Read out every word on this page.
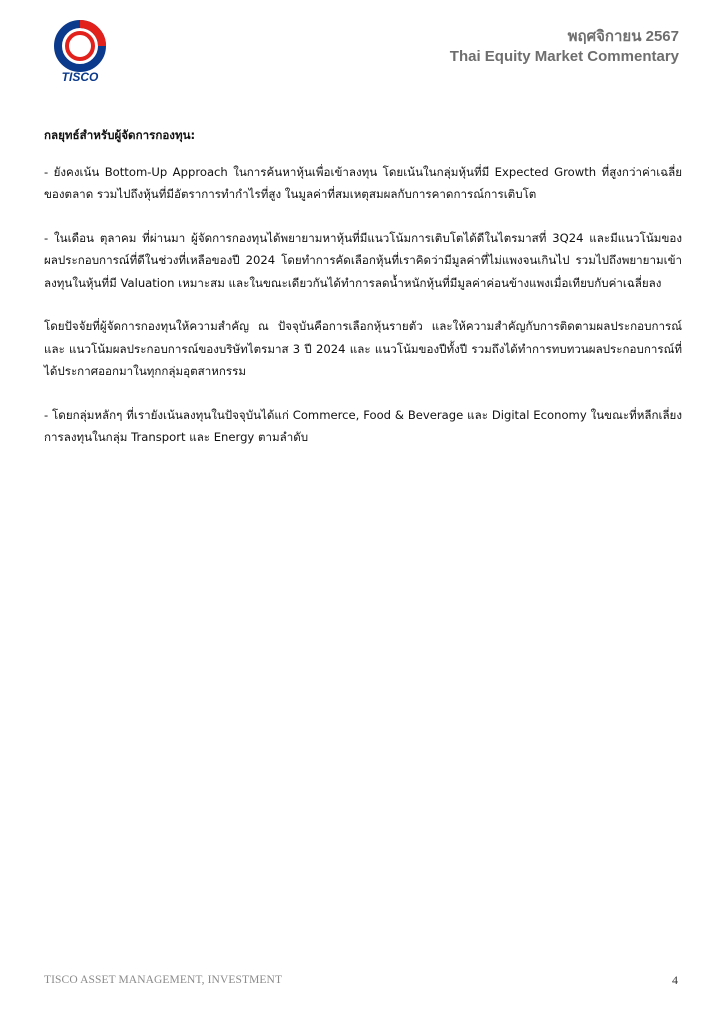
TISCO
พฤศจิกายน 2567
Thai Equity Market Commentary
กลยุทธ์สำหรับผู้จัดการกองทุน:

- ยังคงเน้น Bottom-Up Approach ในการค้นหาหุ้นเพื่อเข้าลงทุน โดยเน้นในกลุ่มหุ้นที่มี Expected Growth ที่สูงกว่าค่าเฉลี่ยของตลาด รวมไปถึงหุ้นที่มีอัตราการทำกำไรที่สูง ในมูลค่าที่สมเหตุสมผลกับการคาดการณ์การเติบโต

- ในเดือน ตุลาคม ที่ผ่านมา ผู้จัดการกองทุนได้พยายามหาหุ้นที่มีแนวโน้มการเติบโตได้ดีในไตรมาสที่ 3Q24 และมีแนวโน้มของผลประกอบการณ์ที่ดีในช่วงที่เหลือของปี 2024 โดยทำการคัดเลือกหุ้นที่เราคิดว่ามีมูลค่าที่ไม่แพงจนเกินไป รวมไปถึงพยายามเข้าลงทุนในหุ้นที่มี Valuation เหมาะสม และในขณะเดียวกันได้ทำการลดน้ำหนักหุ้นที่มีมูลค่าค่อนข้างแพงเมื่อเทียบกับค่าเฉลี่ยลง

โดยปัจจัยที่ผู้จัดการกองทุนให้ความสำคัญ ณ ปัจจุบันคือการเลือกหุ้นรายตัว และให้ความสำคัญกับการติดตามผลประกอบการณ์ และ แนวโน้มผลประกอบการณ์ของบริษัทไตรมาส 3 ปี 2024 และ แนวโน้มของปีทั้งปี รวมถึงได้ทำการทบทวนผลประกอบการณ์ที่ได้ประกาศออกมาในทุกกลุ่มอุตสาหกรรม

- โดยกลุ่มหลักๆ ที่เรายังเน้นลงทุนในปัจจุบันได้แก่ Commerce, Food & Beverage และ Digital Economy ในขณะที่หลีกเลี่ยงการลงทุนในกลุ่ม Transport และ Energy ตามลำดับ

TISCO ASSET MANAGEMENT, INVESTMENT	4
